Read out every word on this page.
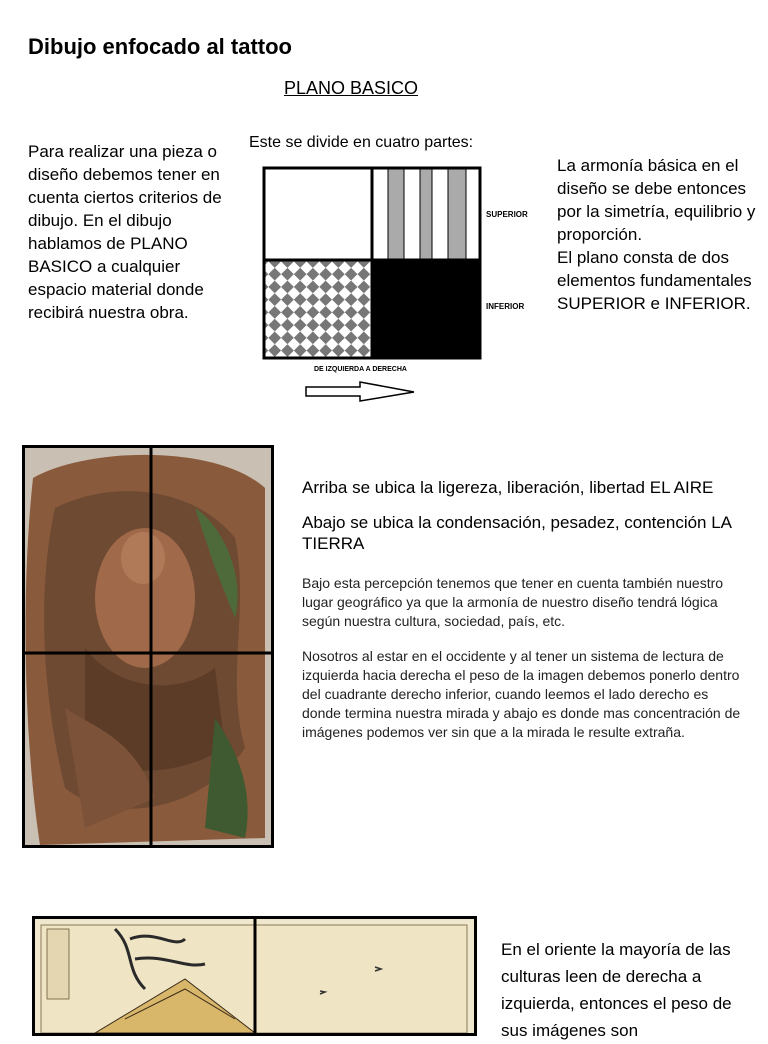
Dibujo enfocado al tattoo
PLANO BASICO
Para realizar una pieza o diseño debemos tener en cuenta ciertos criterios de dibujo. En el dibujo hablamos de PLANO BASICO a cualquier espacio material donde recibirá nuestra obra.
Este se divide en cuatro partes:
La armonía básica en el diseño se debe entonces por la simetría, equilibrio y proporción.
El plano consta de dos elementos fundamentales SUPERIOR e INFERIOR.
SUPERIOR
INFERIOR
DE IZQUIERDA A DERECHA

Arriba se ubica la ligereza, liberación, libertad EL AIRE

Abajo se ubica la condensación, pesadez, contención LA TIERRA

Bajo esta percepción tenemos que tener en cuenta también nuestro lugar geográfico ya que la armonía de nuestro diseño tendrá lógica según nuestra cultura, sociedad, país, etc.

Nosotros al estar en el occidente y al tener un sistema de lectura de izquierda hacia derecha el peso de la imagen debemos ponerlo dentro del cuadrante derecho inferior, cuando leemos el lado derecho es donde termina nuestra mirada y abajo es donde mas concentración de imágenes podemos ver sin que a la mirada le resulte extraña.

En el oriente la mayoría de las culturas leen de derecha a izquierda, entonces el peso de sus imágenes son
